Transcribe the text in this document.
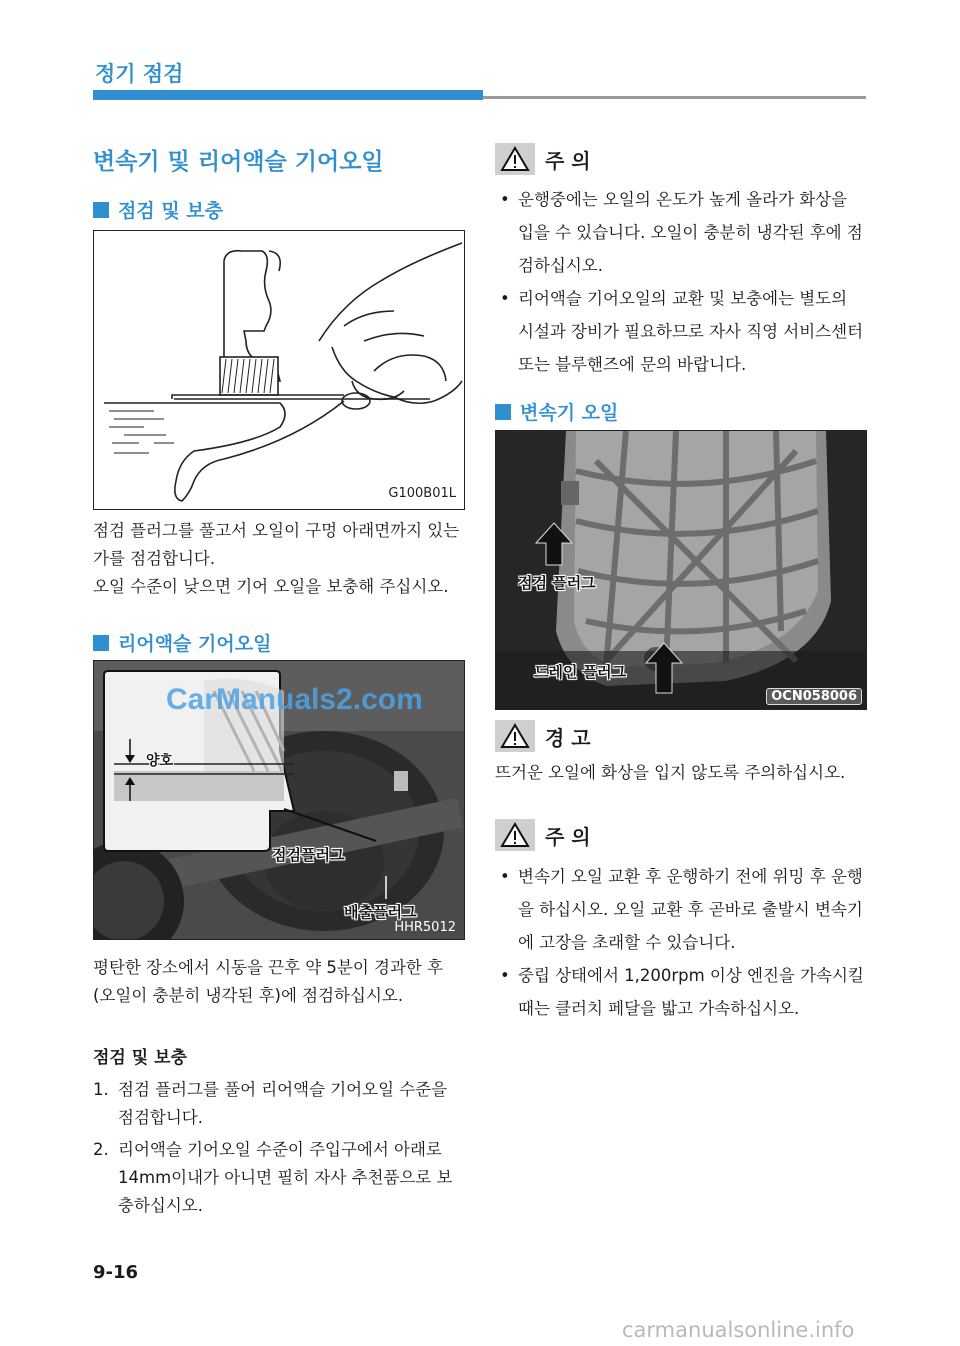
정기 점검
변속기 및 리어액슬 기어오일
점검 및 보충
G100B01L
점검 플러그를 풀고서 오일이 구멍 아래면까지 있는가를 점검합니다.
오일 수준이 낮으면 기어 오일을 보충해 주십시오.
리어액슬 기어오일
CarManuals2.com
양호
점검플러그
배출플러그
HHR5012
평탄한 장소에서 시동을 끈후 약 5분이 경과한 후(오일이 충분히 냉각된 후)에 점검하십시오.
점검 및 보충
1. 점검 플러그를 풀어 리어액슬 기어오일 수준을 점검합니다.
2. 리어액슬 기어오일 수준이 주입구에서 아래로 14mm이내가 아니면 필히 자사 추천품으로 보충하십시오.
주 의
• 운행중에는 오일의 온도가 높게 올라가 화상을 입을 수 있습니다. 오일이 충분히 냉각된 후에 점검하십시오.
• 리어액슬 기어오일의 교환 및 보충에는 별도의 시설과 장비가 필요하므로 자사 직영 서비스센터 또는 블루핸즈에 문의 바랍니다.
변속기 오일
점검 플러그
드레인 플러그
OCN058006
경 고
뜨거운 오일에 화상을 입지 않도록 주의하십시오.
주 의
• 변속기 오일 교환 후 운행하기 전에 위밍 후 운행을 하십시오. 오일 교환 후 곧바로 출발시 변속기에 고장을 초래할 수 있습니다.
• 중립 상태에서 1,200rpm 이상 엔진을 가속시킬때는 클러치 페달을 밟고 가속하십시오.
9-16
carmanualsonline.info
